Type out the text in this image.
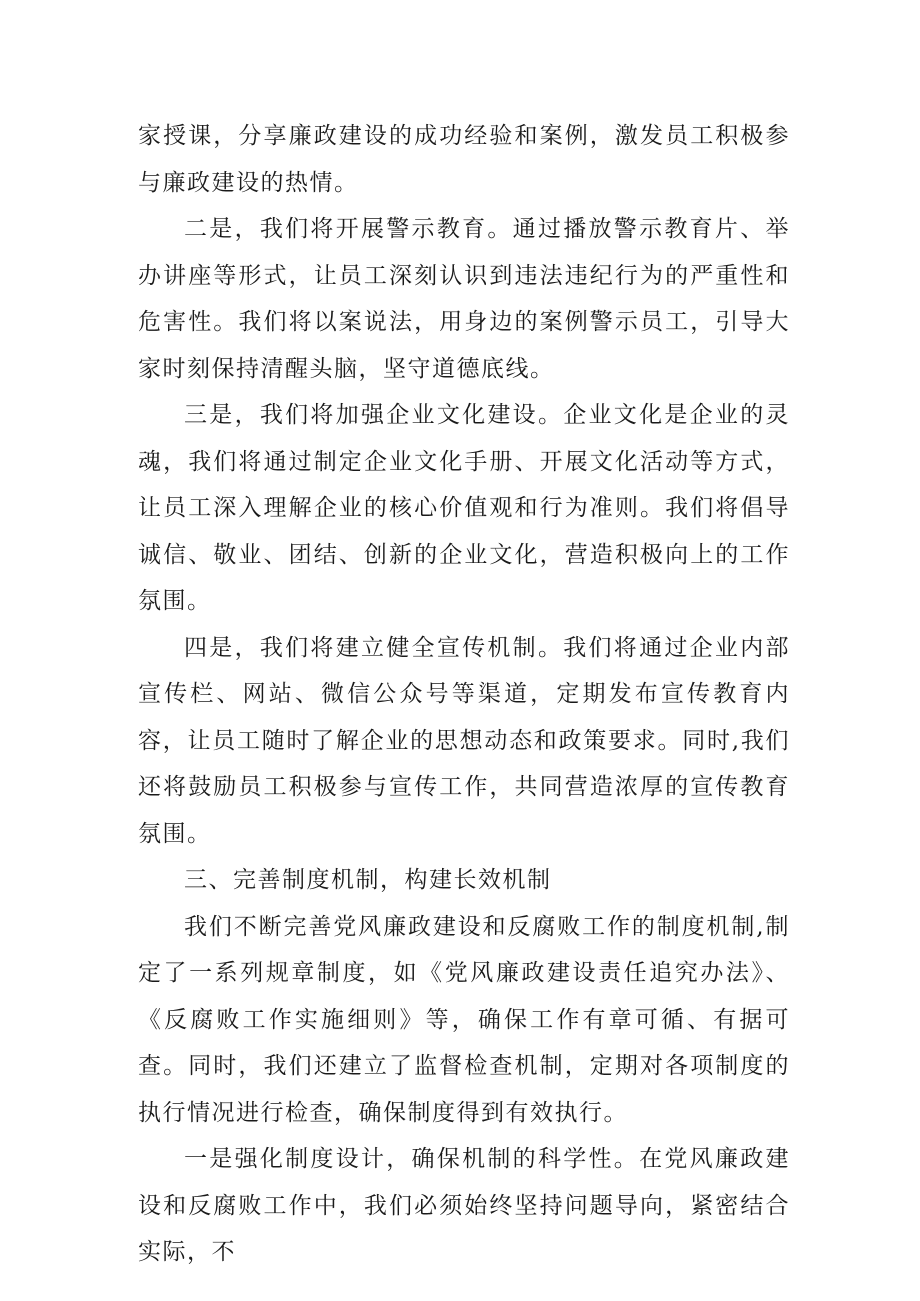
家授课，分享廉政建设的成功经验和案例，激发员工积极参与廉政建设的热情。

二是，我们将开展警示教育。通过播放警示教育片、举办讲座等形式，让员工深刻认识到违法违纪行为的严重性和危害性。我们将以案说法，用身边的案例警示员工，引导大家时刻保持清醒头脑，坚守道德底线。

三是，我们将加强企业文化建设。企业文化是企业的灵魂，我们将通过制定企业文化手册、开展文化活动等方式，让员工深入理解企业的核心价值观和行为准则。我们将倡导诚信、敬业、团结、创新的企业文化，营造积极向上的工作氛围。

四是，我们将建立健全宣传机制。我们将通过企业内部宣传栏、网站、微信公众号等渠道，定期发布宣传教育内容，让员工随时了解企业的思想动态和政策要求。同时,我们还将鼓励员工积极参与宣传工作，共同营造浓厚的宣传教育氛围。

三、完善制度机制，构建长效机制

我们不断完善党风廉政建设和反腐败工作的制度机制,制定了一系列规章制度，如《党风廉政建设责任追究办法》、《反腐败工作实施细则》等，确保工作有章可循、有据可查。同时，我们还建立了监督检查机制，定期对各项制度的执行情况进行检查，确保制度得到有效执行。

一是强化制度设计，确保机制的科学性。在党风廉政建设和反腐败工作中，我们必须始终坚持问题导向，紧密结合实际，不
